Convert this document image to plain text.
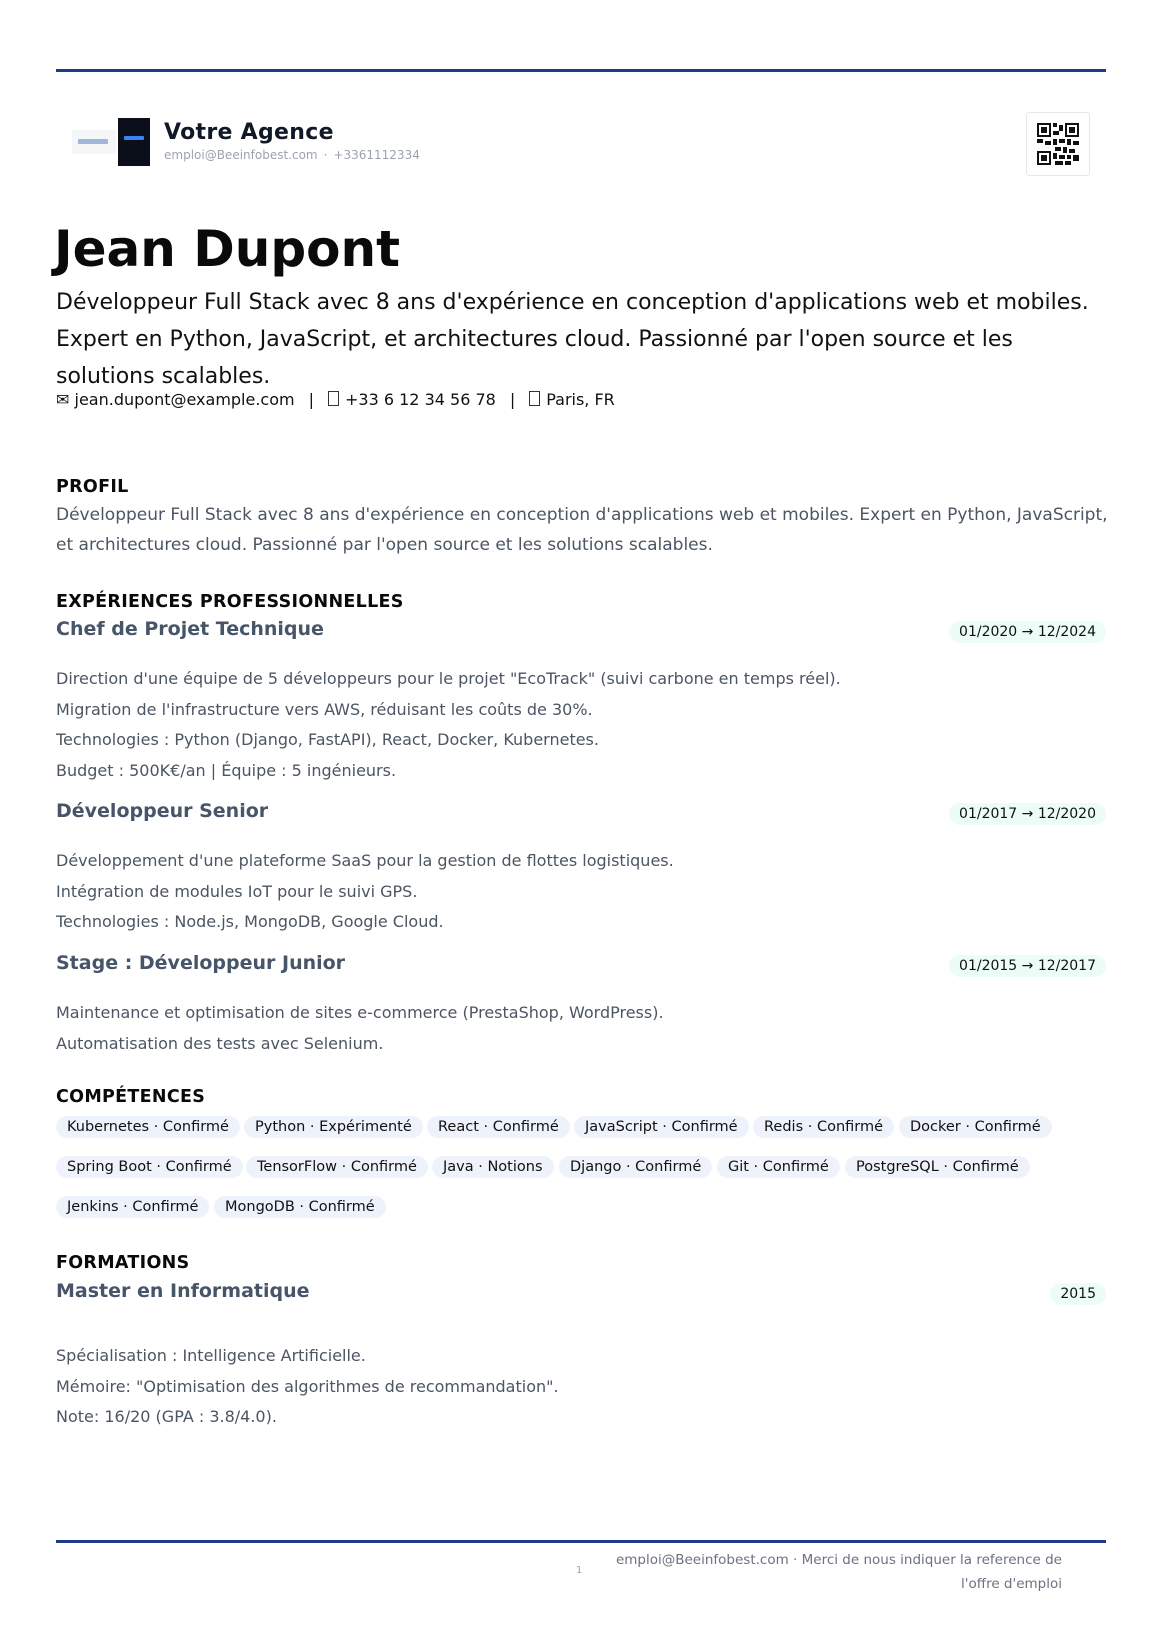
Votre Agence
emploi@Beeinfobest.com · +3361112334
Jean Dupont
Développeur Full Stack avec 8 ans d'expérience en conception d'applications web et mobiles. Expert en Python, JavaScript, et architectures cloud. Passionné par l'open source et les solutions scalables.
✉ jean.dupont@example.com | +33 6 12 34 56 78 | Paris, FR
PROFIL
Développeur Full Stack avec 8 ans d'expérience en conception d'applications web et mobiles. Expert en Python, JavaScript, et architectures cloud. Passionné par l'open source et les solutions scalables.
EXPÉRIENCES PROFESSIONNELLES
Chef de Projet Technique	01/2020 → 12/2024
Direction d'une équipe de 5 développeurs pour le projet "EcoTrack" (suivi carbone en temps réel).
Migration de l'infrastructure vers AWS, réduisant les coûts de 30%.
Technologies : Python (Django, FastAPI), React, Docker, Kubernetes.
Budget : 500K€/an | Équipe : 5 ingénieurs.
Développeur Senior	01/2017 → 12/2020
Développement d'une plateforme SaaS pour la gestion de flottes logistiques.
Intégration de modules IoT pour le suivi GPS.
Technologies : Node.js, MongoDB, Google Cloud.
Stage : Développeur Junior	01/2015 → 12/2017
Maintenance et optimisation de sites e-commerce (PrestaShop, WordPress).
Automatisation des tests avec Selenium.
COMPÉTENCES
Kubernetes · Confirmé	Python · Expérimenté	React · Confirmé	JavaScript · Confirmé	Redis · Confirmé	Docker · Confirmé
Spring Boot · Confirmé	TensorFlow · Confirmé	Java · Notions	Django · Confirmé	Git · Confirmé	PostgreSQL · Confirmé
Jenkins · Confirmé	MongoDB · Confirmé
FORMATIONS
Master en Informatique	2015
Spécialisation : Intelligence Artificielle.
Mémoire: "Optimisation des algorithmes de recommandation".
Note: 16/20 (GPA : 3.8/4.0).
1
emploi@Beeinfobest.com · Merci de nous indiquer la reference de
l'offre d'emploi
